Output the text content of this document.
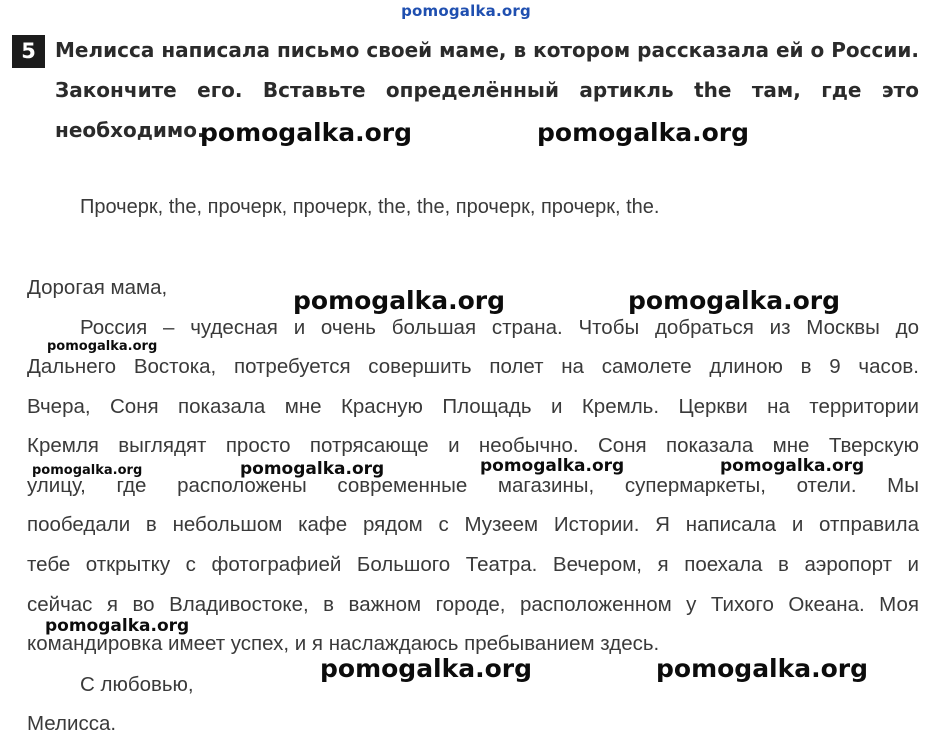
pomogalka.org
5 Мелисса написала письмо своей маме, в котором рассказала ей о России.
Закончите его. Вставьте определённый артикль the там, где это
необходимо.
Прочерк, the, прочерк, прочерк, the, the, прочерк, прочерк, the.
Дорогая мама,
Россия – чудесная и очень большая страна. Чтобы добраться из Москвы до
Дальнего Востока, потребуется совершить полет на самолете длиною в 9 часов.
Вчера, Соня показала мне Красную Площадь и Кремль. Церкви на территории
Кремля выглядят просто потрясающе и необычно. Соня показала мне Тверскую
улицу, где расположены современные магазины, супермаркеты, отели. Мы
пообедали в небольшом кафе рядом с Музеем Истории. Я написала и отправила
тебе открытку с фотографией Большого Театра. Вечером, я поехала в аэропорт и
сейчас я во Владивостоке, в важном городе, расположенном у Тихого Океана. Моя
командировка имеет успех, и я наслаждаюсь пребыванием здесь.
С любовью,
Мелисса.
pomogalka.org	pomogalka.org
pomogalka.org	pomogalka.org
pomogalka.org
pomogalka.org	pomogalka.org	pomogalka.org	pomogalka.org
pomogalka.org
pomogalka.org	pomogalka.org
